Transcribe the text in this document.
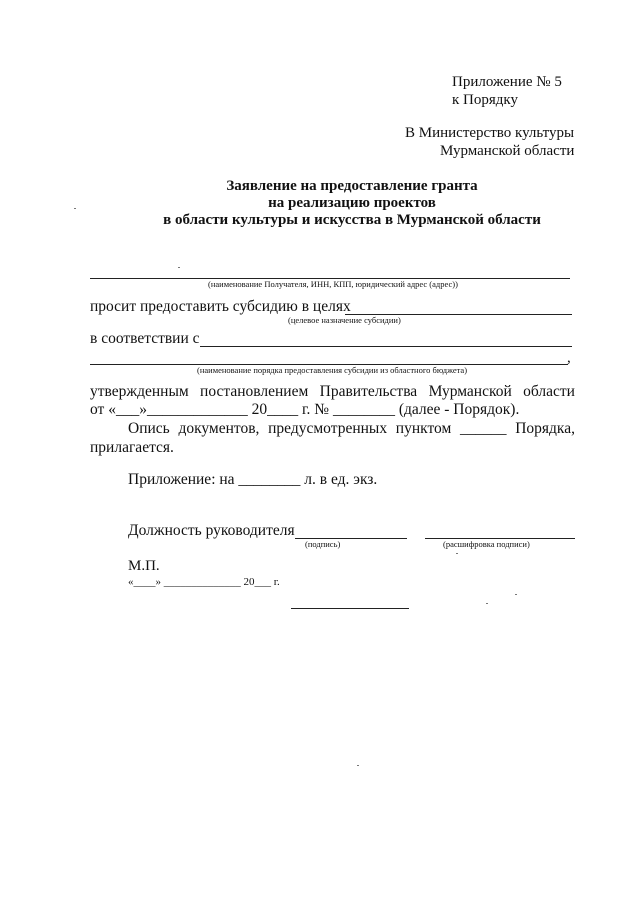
Приложение № 5
к Порядку
В Министерство культуры
Мурманской области
Заявление на предоставление гранта
на реализацию проектов
в области культуры и искусства в Мурманской области
(наименование Получателя, ИНН, КПП, юридический адрес (адрес))
просит предоставить субсидию в целях
(целевое назначение субсидии)
в соответствии с
,
(наименование порядка предоставления субсидии из областного бюджета)
утвержденным постановлением Правительства Мурманской области
от «___»_____________ 20____ г. № ________ (далее - Порядок).
Опись документов, предусмотренных пунктом ______ Порядка,
прилагается.
Приложение: на ________ л. в ед. экз.
Должность руководителя
(подпись)	(расшифровка подписи)
М.П.
«____» ______________ 20___ г.
